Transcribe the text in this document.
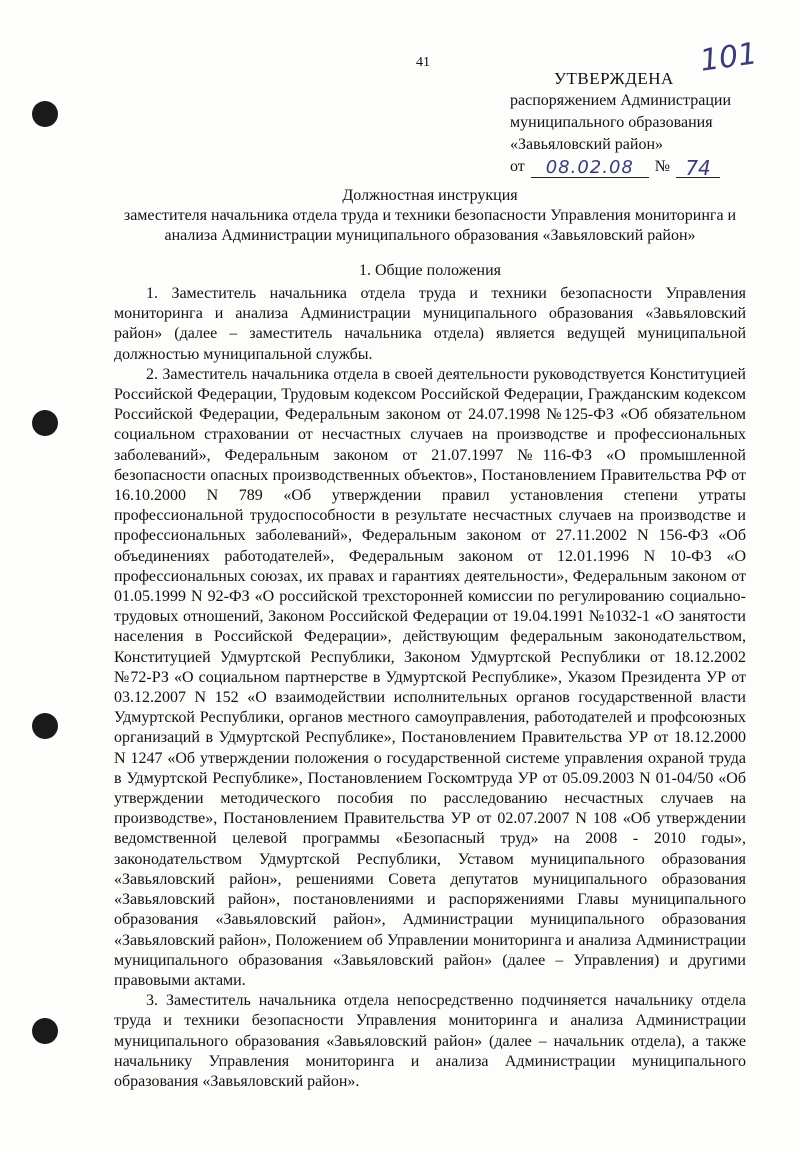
41	101
УТВЕРЖДЕНА
распоряжением Администрации
муниципального образования
«Завьяловский район»
от	08.02.08	№ 74
Должностная инструкция
заместителя начальника отдела труда и техники безопасности Управления мониторинга и анализа Администрации муниципального образования «Завьяловский район»
1. Общие положения

1. Заместитель начальника отдела труда и техники безопасности Управления мониторинга и анализа Администрации муниципального образования «Завьяловский район» (далее – заместитель начальника отдела) является ведущей муниципальной должностью муниципальной службы.

2. Заместитель начальника отдела в своей деятельности руководствуется Конституцией Российской Федерации, Трудовым кодексом Российской Федерации, Гражданским кодексом Российской Федерации, Федеральным законом от 24.07.1998 №125-ФЗ «Об обязательном социальном страховании от несчастных случаев на производстве и профессиональных заболеваний», Федеральным законом от 21.07.1997 №116-ФЗ «О промышленной безопасности опасных производственных объектов», Постановлением Правительства РФ от 16.10.2000 N 789 «Об утверждении правил установления степени утраты профессиональной трудоспособности в результате несчастных случаев на производстве и профессиональных заболеваний», Федеральным законом от 27.11.2002 N 156-ФЗ «Об объединениях работодателей», Федеральным законом от 12.01.1996 N 10-ФЗ «О профессиональных союзах, их правах и гарантиях деятельности», Федеральным законом от 01.05.1999 N 92-ФЗ «О российской трехсторонней комиссии по регулированию социально-трудовых отношений, Законом Российской Федерации от 19.04.1991 №1032-1 «О занятости населения в Российской Федерации», действующим федеральным законодательством, Конституцией Удмуртской Республики, Законом Удмуртской Республики от 18.12.2002 №72-РЗ «О социальном партнерстве в Удмуртской Республике», Указом Президента УР от 03.12.2007 N 152 «О взаимодействии исполнительных органов государственной власти Удмуртской Республики, органов местного самоуправления, работодателей и профсоюзных организаций в Удмуртской Республике», Постановлением Правительства УР от 18.12.2000 N 1247 «Об утверждении положения о государственной системе управления охраной труда в Удмуртской Республике», Постановлением Госкомтруда УР от 05.09.2003 N 01-04/50 «Об утверждении методического пособия по расследованию несчастных случаев на производстве», Постановлением Правительства УР от 02.07.2007 N 108 «Об утверждении ведомственной целевой программы «Безопасный труд» на 2008 - 2010 годы», законодательством Удмуртской Республики, Уставом муниципального образования «Завьяловский район», решениями Совета депутатов муниципального образования «Завьяловский район», постановлениями и распоряжениями Главы муниципального образования «Завьяловский район», Администрации муниципального образования «Завьяловский район», Положением об Управлении мониторинга и анализа Администрации муниципального образования «Завьяловский район» (далее – Управления) и другими правовыми актами.

3. Заместитель начальника отдела непосредственно подчиняется начальнику отдела труда и техники безопасности Управления мониторинга и анализа Администрации муниципального образования «Завьяловский район» (далее – начальник отдела), а также начальнику Управления мониторинга и анализа Администрации муниципального образования «Завьяловский район».
